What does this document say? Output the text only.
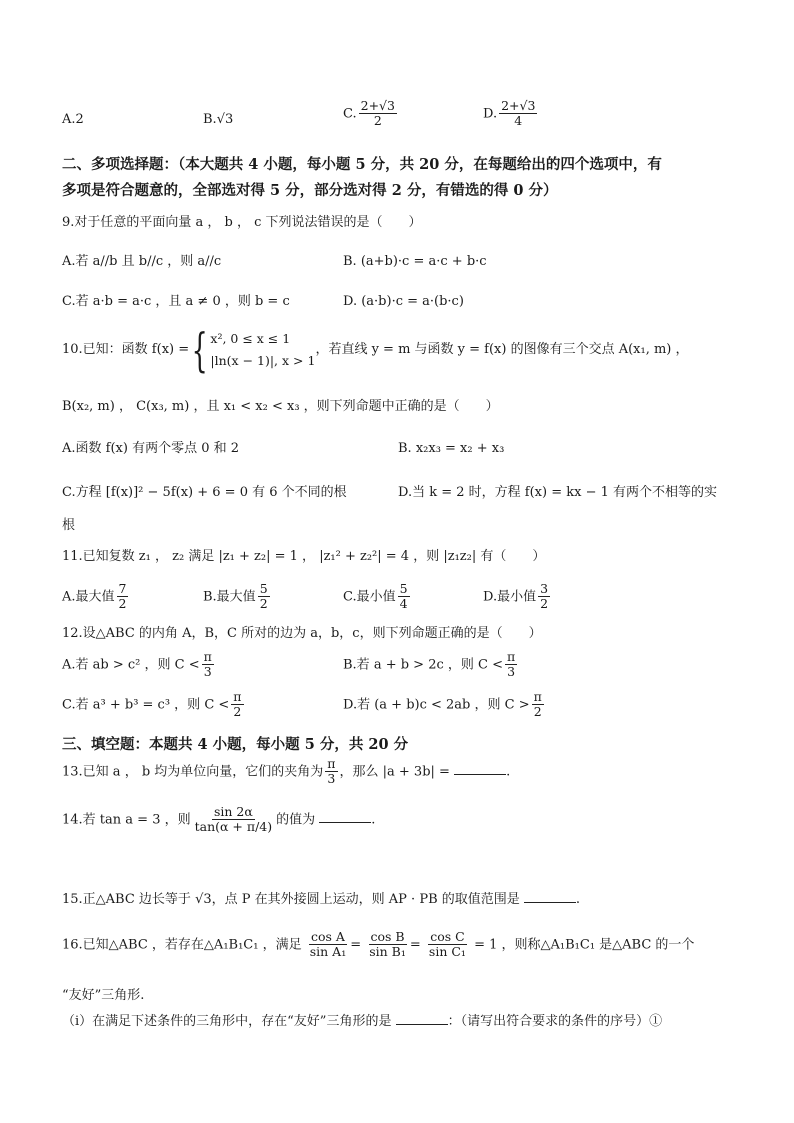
A.2	B.√3	C. $\frac{2+√3}{2}$	D. $\frac{2+√3}{4}$
二、多项选择题：（本大题共 4 小题，每小题 5 分，共 20 分，在每题给出的四个选项中，有
多项是符合题意的，全部选对得 5 分，部分选对得 2 分，有错选的得 0 分）
9.对于任意的平面向量 a ， b ， c 下列说法错误的是（　　）
A.若 a//b 且 b//c ，则 a//c	B. (a+b)·c = a·c + b·c
C.若 a·b = a·c ，且 a ≠ 0 ，则 b = c	D. (a·b)·c = a·(b·c)
10.已知：函数 f(x) = { x², 0 ≤ x ≤ 1
|ln(x − 1)|, x > 1
，若直线 y = m 与函数 y = f(x) 的图像有三个交点 A(x₁, m) ，
B(x₂, m) ， C(x₃, m) ，且 x₁ < x₂ < x₃ ，则下列命题中正确的是（　　）
A.函数 f(x) 有两个零点 0 和 2	B. x₂x₃ = x₂ + x₃
C.方程 [f(x)]² − 5f(x) + 6 = 0 有 6 个不同的根	D.当 k = 2 时，方程 f(x) = kx − 1 有两个不相等的实
根
11.已知复数 z₁ ， z₂ 满足 |z₁ + z₂| = 1 ， |z₁² + z₂²| = 4 ，则 |z₁z₂| 有（　　）
A.最大值 $\frac{7}{2}$	B.最大值 $\frac{5}{2}$	C.最小值 $\frac{5}{4}$	D.最小值 $\frac{3}{2}$
12.设△ABC 的内角 A，B，C 所对的边为 a，b，c，则下列命题正确的是（　　）
A.若 ab > c² ，则 $C < \frac{\pi}{3}$	B.若 a + b > 2c ，则 $C < \frac{\pi}{3}$
C.若 a³ + b³ = c³ ，则 $C < \frac{\pi}{2}$	D.若 (a + b)c < 2ab ，则 $C > \frac{\pi}{2}$
三、填空题：本题共 4 小题，每小题 5 分，共 20 分
13.已知 a ， b 均为单位向量，它们的夹角为 $\frac{\pi}{3}$ ，那么 |a + 3b| =	.
14.若 tan a = 3 ，则 $\frac{\sin 2\alpha}{\tan(\alpha + \pi/4)}$ 的值为	.
15.正△ABC 边长等于 √3，点 P 在其外接圆上运动，则 AP · PB 的取值范围是	.
16.已知△ABC ，若存在△A₁B₁C₁ ，满足 $\frac{\text{cos A}}{\text{sin A₁}} = \frac{\text{cos B}}{\text{sin B₁}} = \frac{\text{cos C}}{\text{sin C₁}} = 1$ ，则称△A₁B₁C₁ 是△ABC 的一个
“友好”三角形.
（i）在满足下述条件的三角形中，存在“友好”三角形的是	：（请写出符合要求的条件的序号）①
